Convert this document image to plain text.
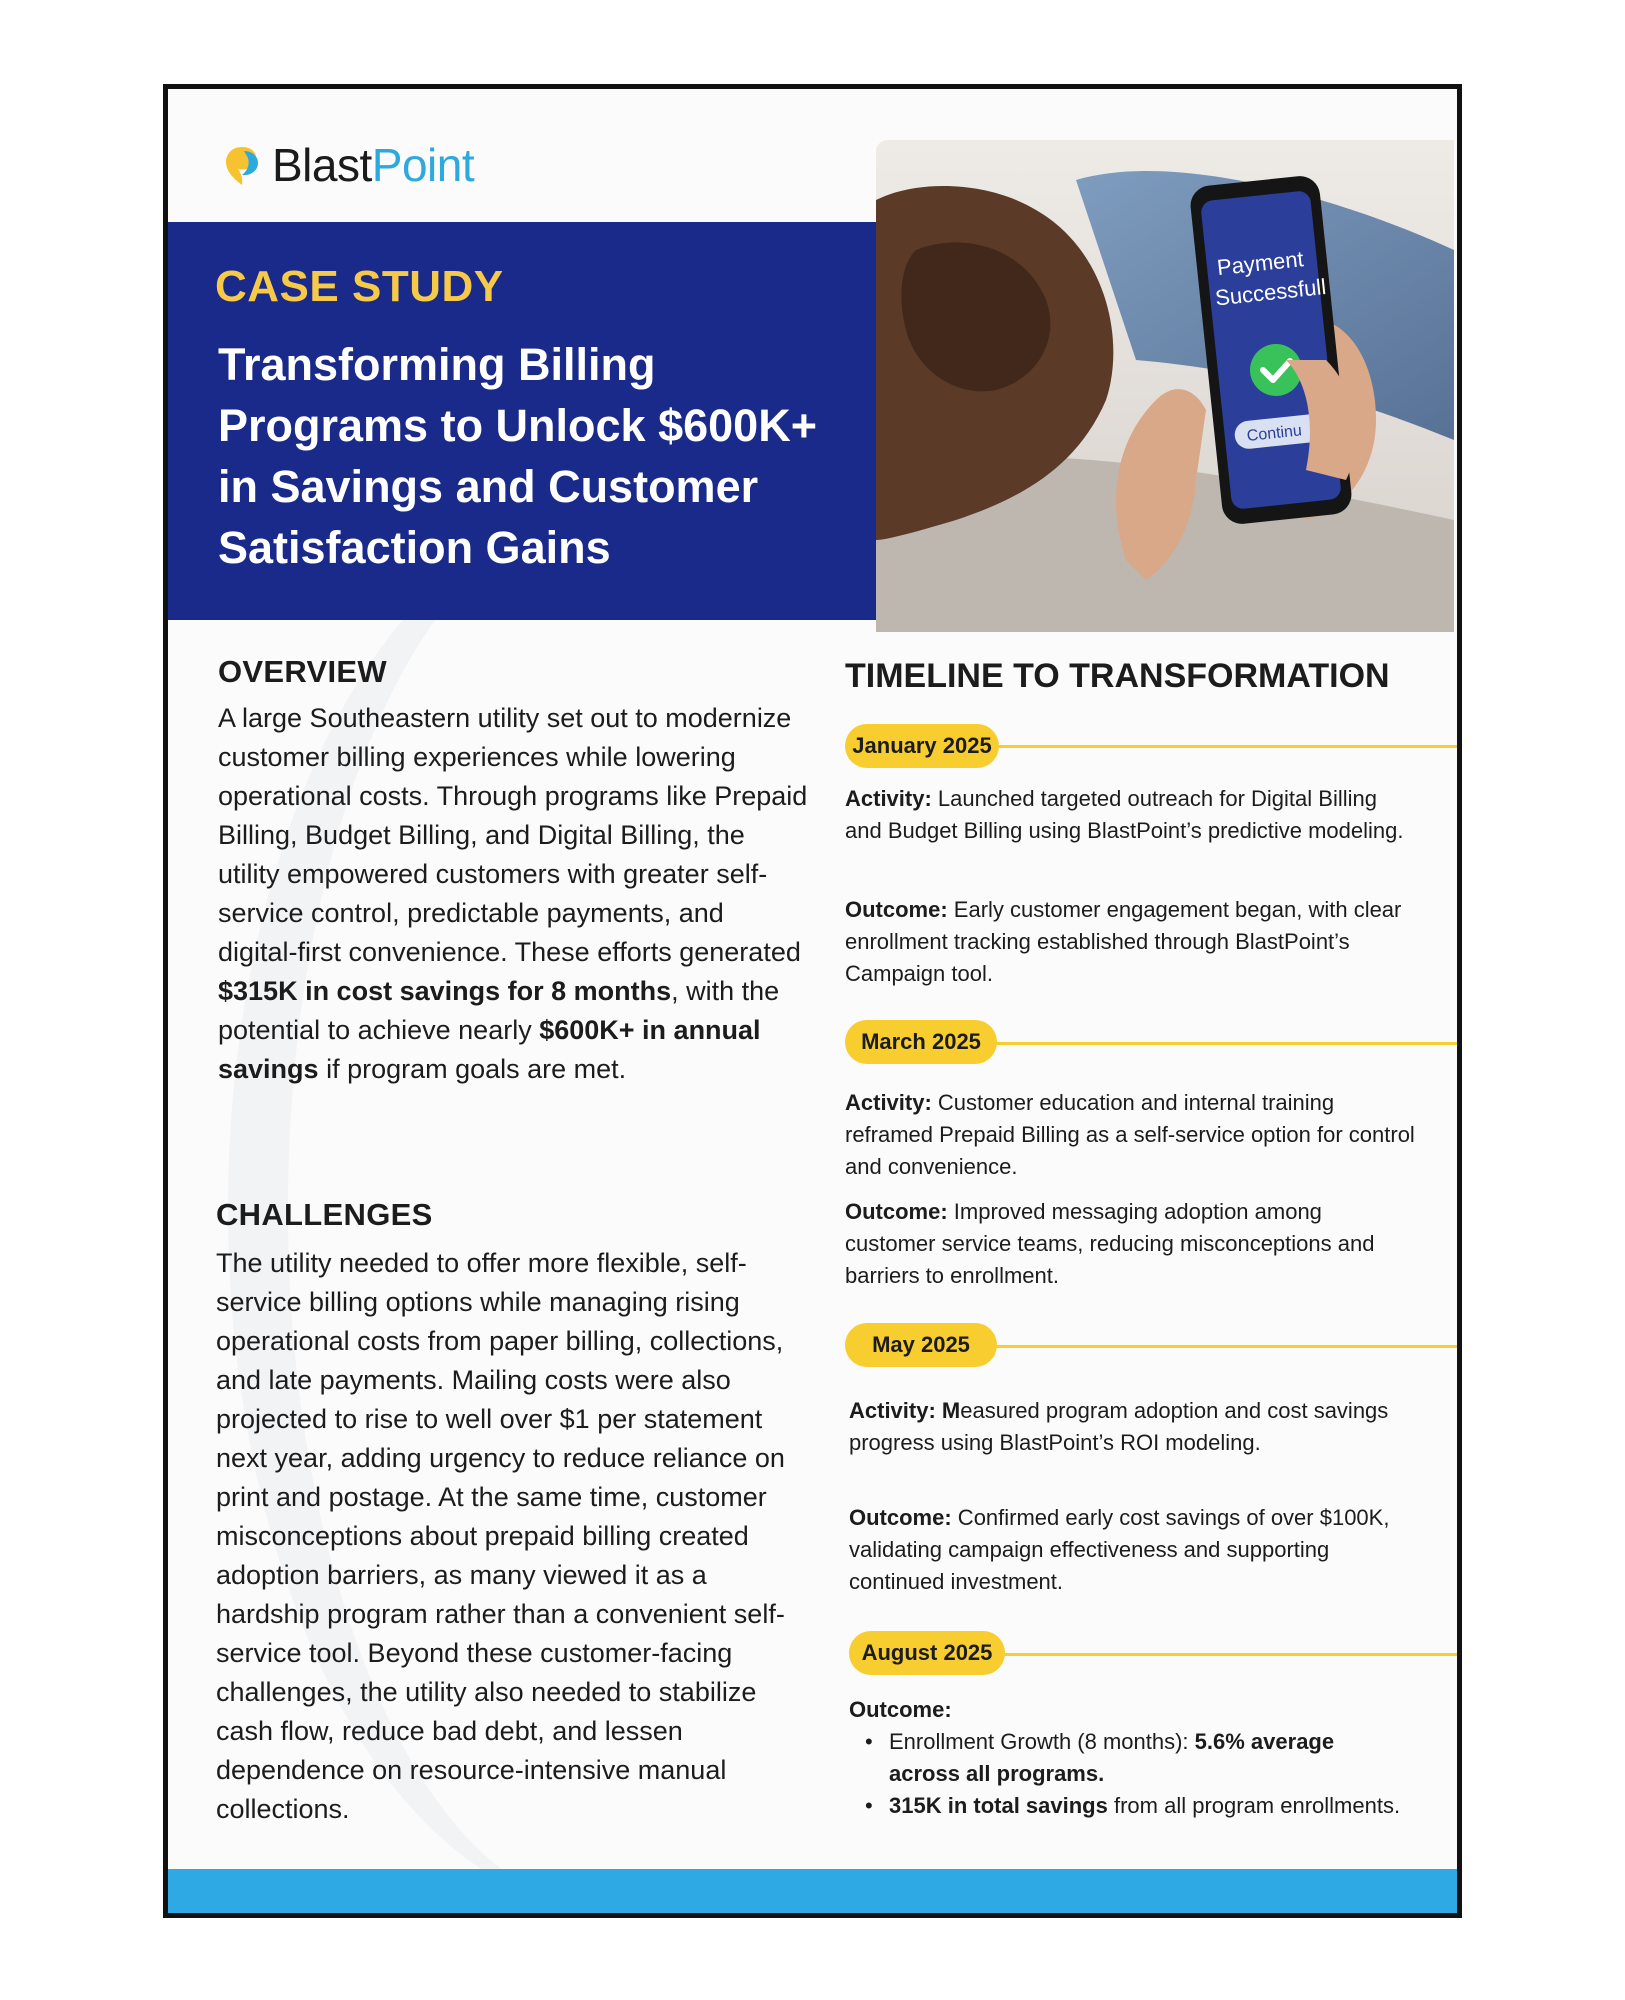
BlastPoint
CASE STUDY
Transforming Billing Programs to Unlock $600K+ in Savings and Customer Satisfaction Gains
Payment
Successfull
Continu
OVERVIEW
A large Southeastern utility set out to modernize customer billing experiences while lowering operational costs. Through programs like Prepaid Billing, Budget Billing, and Digital Billing, the utility empowered customers with greater self-service control, predictable payments, and digital-first convenience. These efforts generated $315K in cost savings for 8 months, with the potential to achieve nearly $600K+ in annual savings if program goals are met.
CHALLENGES
The utility needed to offer more flexible, self-service billing options while managing rising operational costs from paper billing, collections, and late payments. Mailing costs were also projected to rise to well over $1 per statement next year, adding urgency to reduce reliance on print and postage. At the same time, customer misconceptions about prepaid billing created adoption barriers, as many viewed it as a hardship program rather than a convenient self-service tool. Beyond these customer-facing challenges, the utility also needed to stabilize cash flow, reduce bad debt, and lessen dependence on resource-intensive manual collections.
TIMELINE TO TRANSFORMATION
January 2025
Activity: Launched targeted outreach for Digital Billing and Budget Billing using BlastPoint’s predictive modeling.
Outcome: Early customer engagement began, with clear enrollment tracking established through BlastPoint’s Campaign tool.
March 2025
Activity: Customer education and internal training reframed Prepaid Billing as a self-service option for control and convenience.
Outcome: Improved messaging adoption among customer service teams, reducing misconceptions and barriers to enrollment.
May 2025
Activity: Measured program adoption and cost savings progress using BlastPoint’s ROI modeling.
Outcome: Confirmed early cost savings of over $100K, validating campaign effectiveness and supporting continued investment.
August 2025
Outcome:
• Enrollment Growth (8 months): 5.6% average across all programs.
• 315K in total savings from all program enrollments.
